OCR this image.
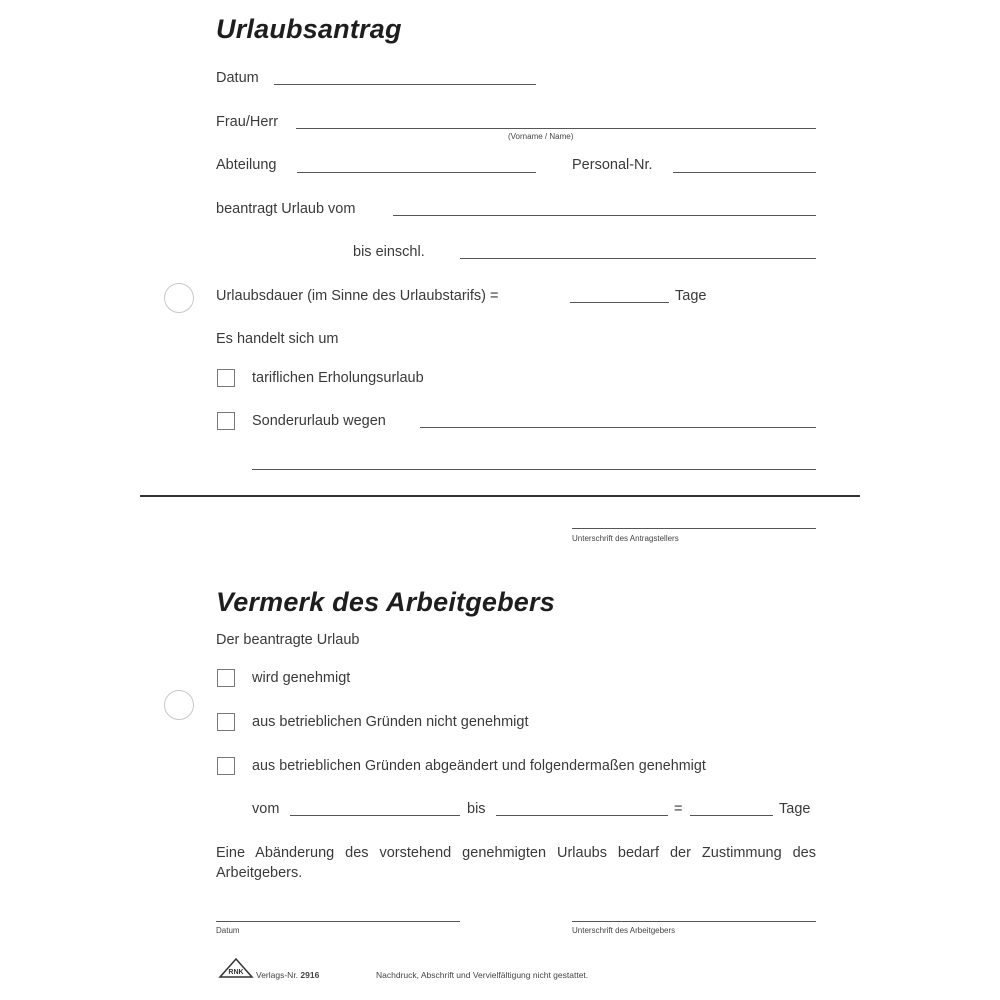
Urlaubsantrag
Datum
Frau/Herr
(Vorname / Name)
Abteilung	Personal-Nr.
beantragt Urlaub vom
bis einschl.
Urlaubsdauer (im Sinne des Urlaubstarifs) =	Tage
Es handelt sich um
tariflichen Erholungsurlaub
Sonderurlaub wegen
Unterschrift des Antragstellers
Vermerk des Arbeitgebers
Der beantragte Urlaub
wird genehmigt
aus betrieblichen Gründen nicht genehmigt
aus betrieblichen Gründen abgeändert und folgendermaßen genehmigt
vom	bis	=	Tage
Eine Abänderung des vorstehend genehmigten Urlaubs bedarf der Zustimmung des Arbeitgebers.
Datum	Unterschrift des Arbeitgebers
RNK Verlags-Nr. 2916	Nachdruck, Abschrift und Vervielfältigung nicht gestattet.
